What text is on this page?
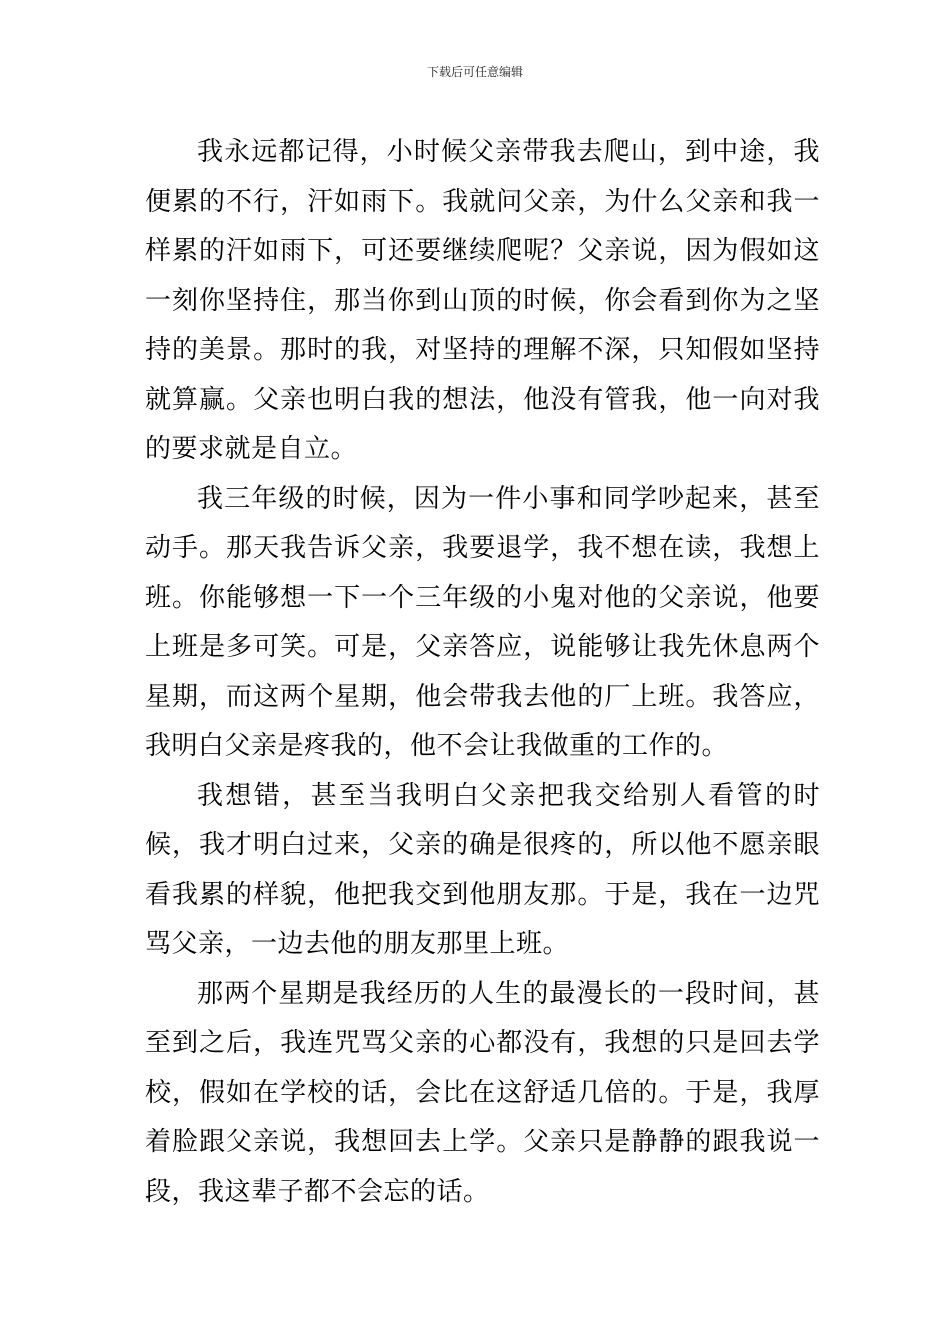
下载后可任意编辑

我永远都记得，小时候父亲带我去爬山，到中途，我便累的不行，汗如雨下。我就问父亲，为什么父亲和我一样累的汗如雨下，可还要继续爬呢？父亲说，因为假如这一刻你坚持住，那当你到山顶的时候，你会看到你为之坚持的美景。那时的我，对坚持的理解不深，只知假如坚持就算赢。父亲也明白我的想法，他没有管我，他一向对我的要求就是自立。

我三年级的时候，因为一件小事和同学吵起来，甚至动手。那天我告诉父亲，我要退学，我不想在读，我想上班。你能够想一下一个三年级的小鬼对他的父亲说，他要上班是多可笑。可是，父亲答应，说能够让我先休息两个星期，而这两个星期，他会带我去他的厂上班。我答应，我明白父亲是疼我的，他不会让我做重的工作的。

我想错，甚至当我明白父亲把我交给别人看管的时候，我才明白过来，父亲的确是很疼的，所以他不愿亲眼看我累的样貌，他把我交到他朋友那。于是，我在一边咒骂父亲，一边去他的朋友那里上班。

那两个星期是我经历的人生的最漫长的一段时间，甚至到之后，我连咒骂父亲的心都没有，我想的只是回去学校，假如在学校的话，会比在这舒适几倍的。于是，我厚着脸跟父亲说，我想回去上学。父亲只是静静的跟我说一段，我这辈子都不会忘的话。
